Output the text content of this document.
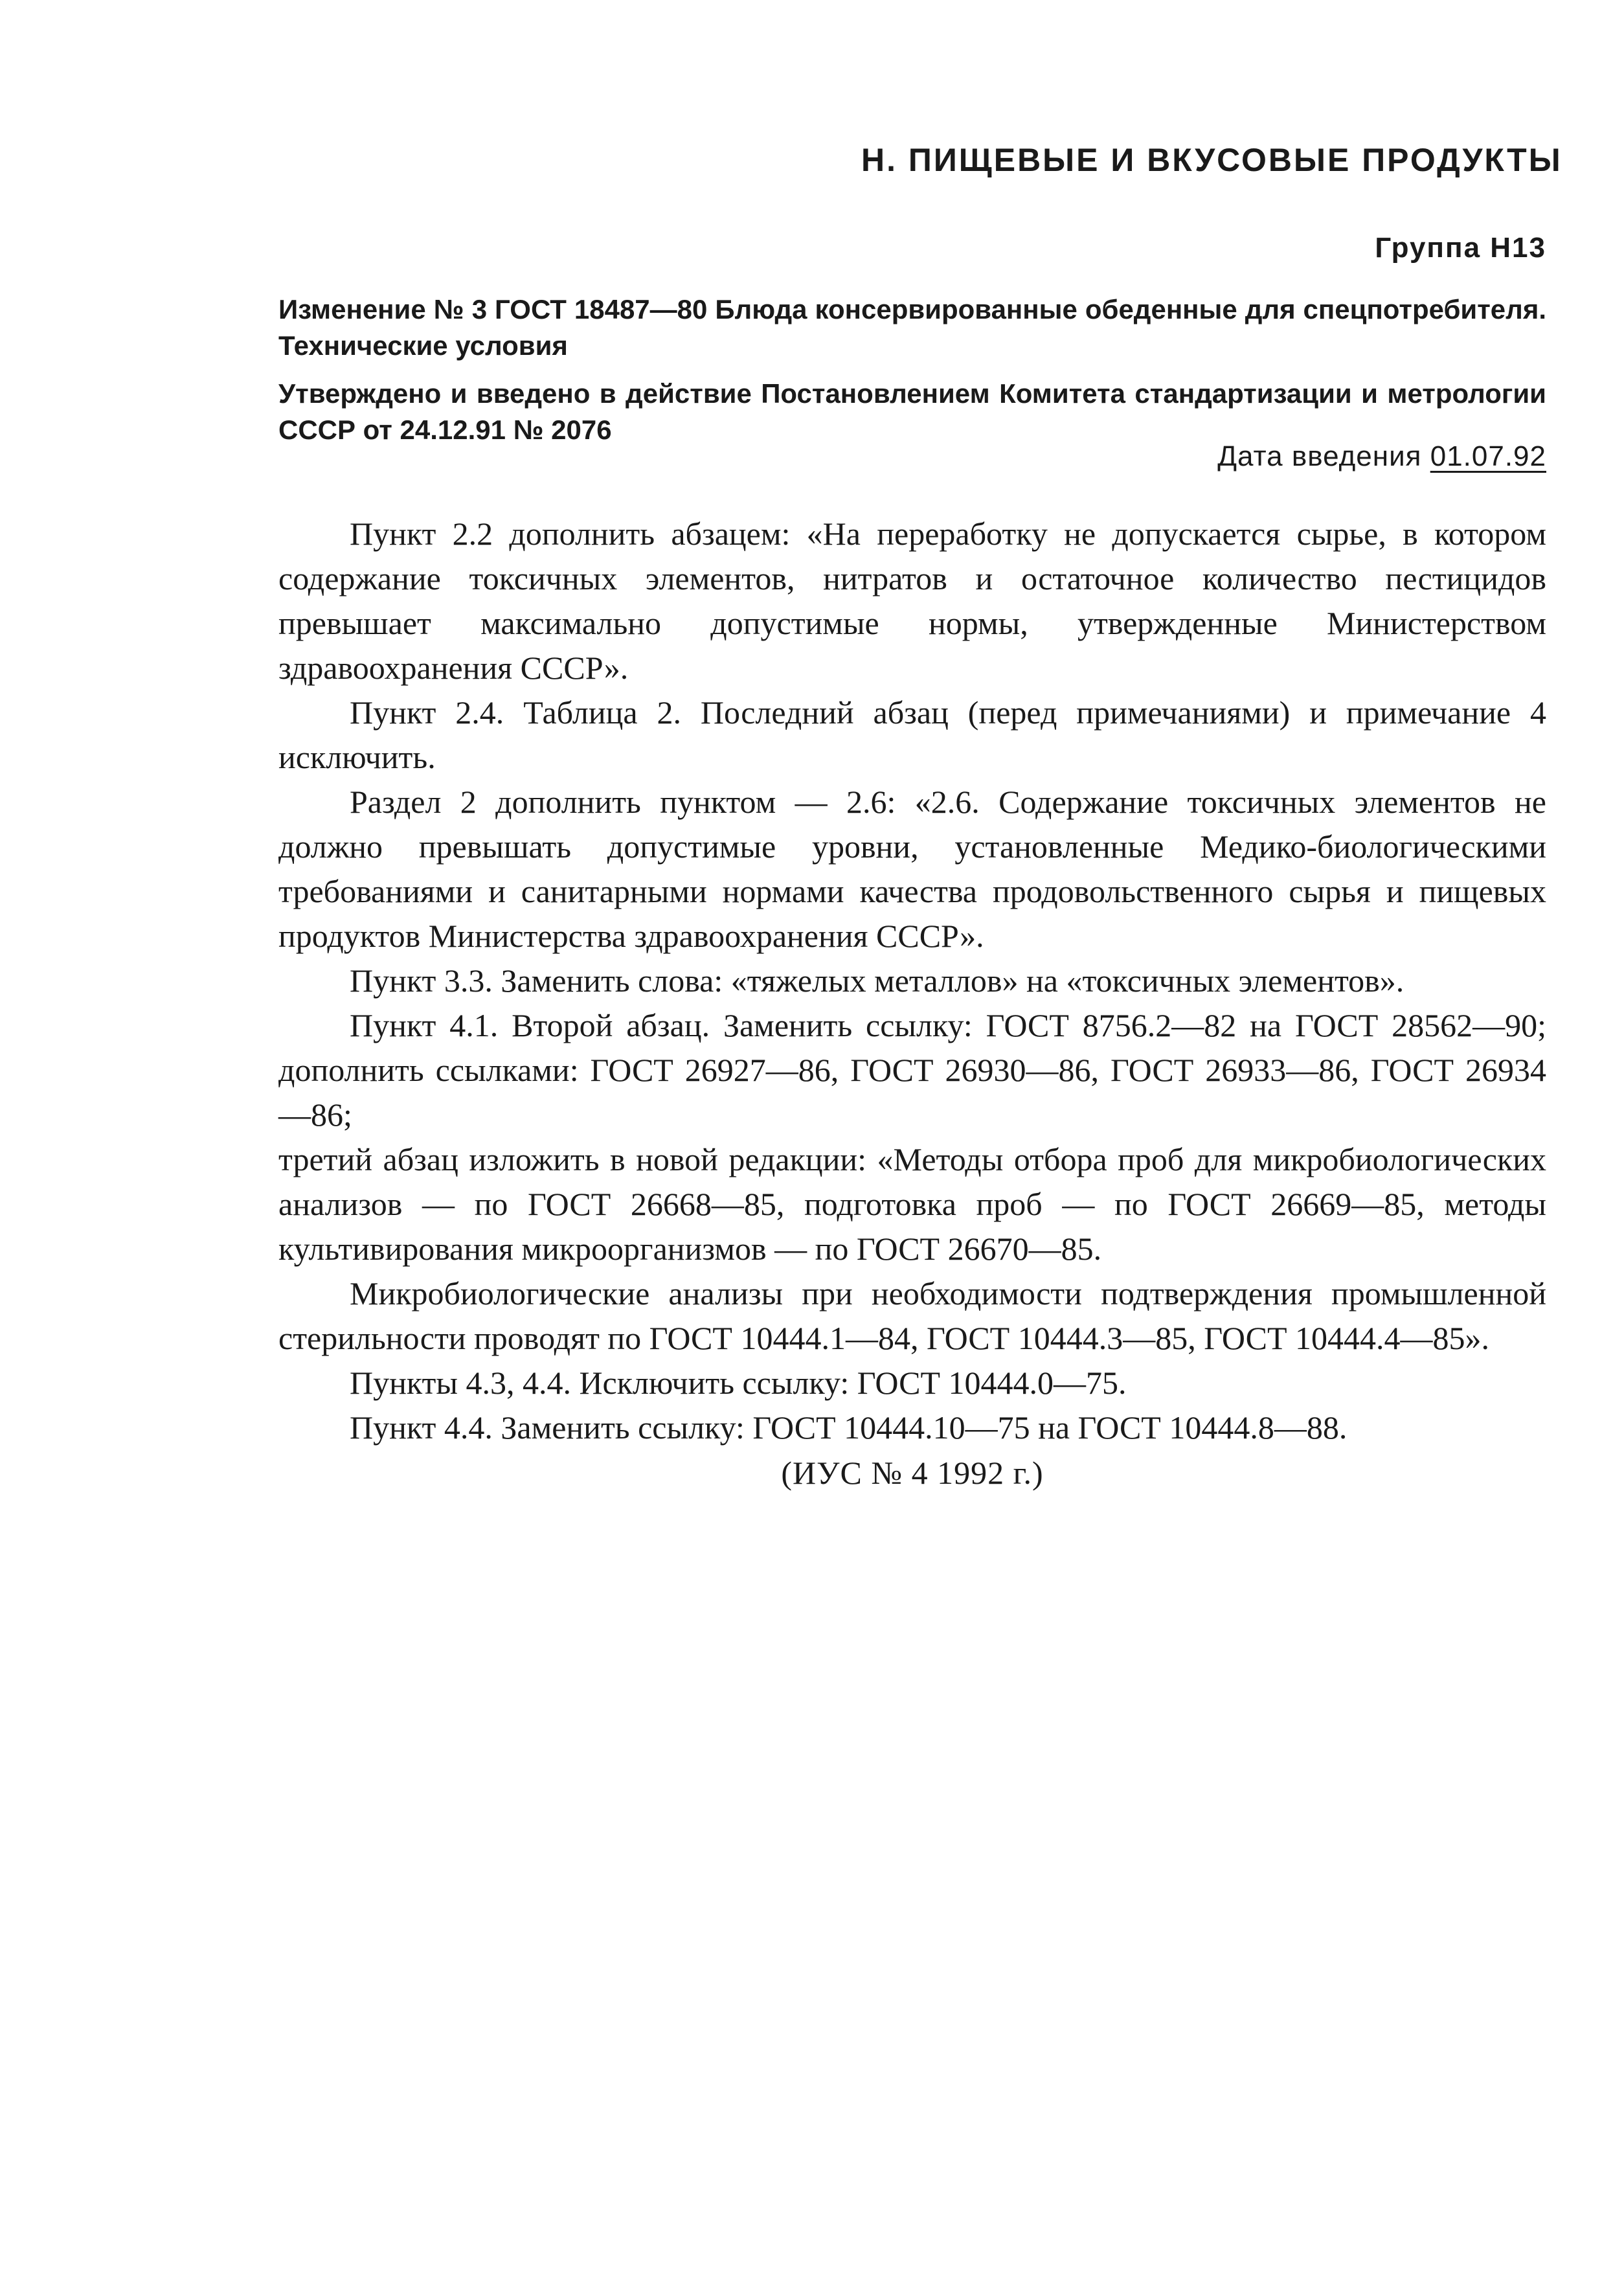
Н. ПИЩЕВЫЕ И ВКУСОВЫЕ ПРОДУКТЫ
Группа Н13
Изменение № 3 ГОСТ 18487—80 Блюда консервированные обеденные для спецпотребителя. Технические условия
Утверждено и введено в действие Постановлением Комитета стандартизации и метрологии СССР от 24.12.91 № 2076
Дата введения 01.07.92

Пункт 2.2 дополнить абзацем: «На переработку не допускается сырье, в котором содержание токсичных элементов, нитратов и остаточное количество пестицидов превышает максимально допустимые нормы, утвержденные Министерством здравоохранения СССР».

Пункт 2.4. Таблица 2. Последний абзац (перед примечаниями) и примечание 4 исключить.

Раздел 2 дополнить пунктом — 2.6: «2.6. Содержание токсичных элементов не должно превышать допустимые уровни, установленные Медико-биологическими требованиями и санитарными нормами качества продовольственного сырья и пищевых продуктов Министерства здравоохранения СССР».

Пункт 3.3. Заменить слова: «тяжелых металлов» на «токсичных элементов».

Пункт 4.1. Второй абзац. Заменить ссылку: ГОСТ 8756.2—82 на ГОСТ 28562—90; дополнить ссылками: ГОСТ 26927—86, ГОСТ 26930—86, ГОСТ 26933—86, ГОСТ 26934—86;

третий абзац изложить в новой редакции: «Методы отбора проб для микробиологических анализов — по ГОСТ 26668—85, подготовка проб — по ГОСТ 26669—85, методы культивирования микроорганизмов — по ГОСТ 26670—85.

Микробиологические анализы при необходимости подтверждения промышленной стерильности проводят по ГОСТ 10444.1—84, ГОСТ 10444.3—85, ГОСТ 10444.4—85».

Пункты 4.3, 4.4. Исключить ссылку: ГОСТ 10444.0—75.

Пункт 4.4. Заменить ссылку: ГОСТ 10444.10—75 на ГОСТ 10444.8—88.

(ИУС № 4 1992 г.)
